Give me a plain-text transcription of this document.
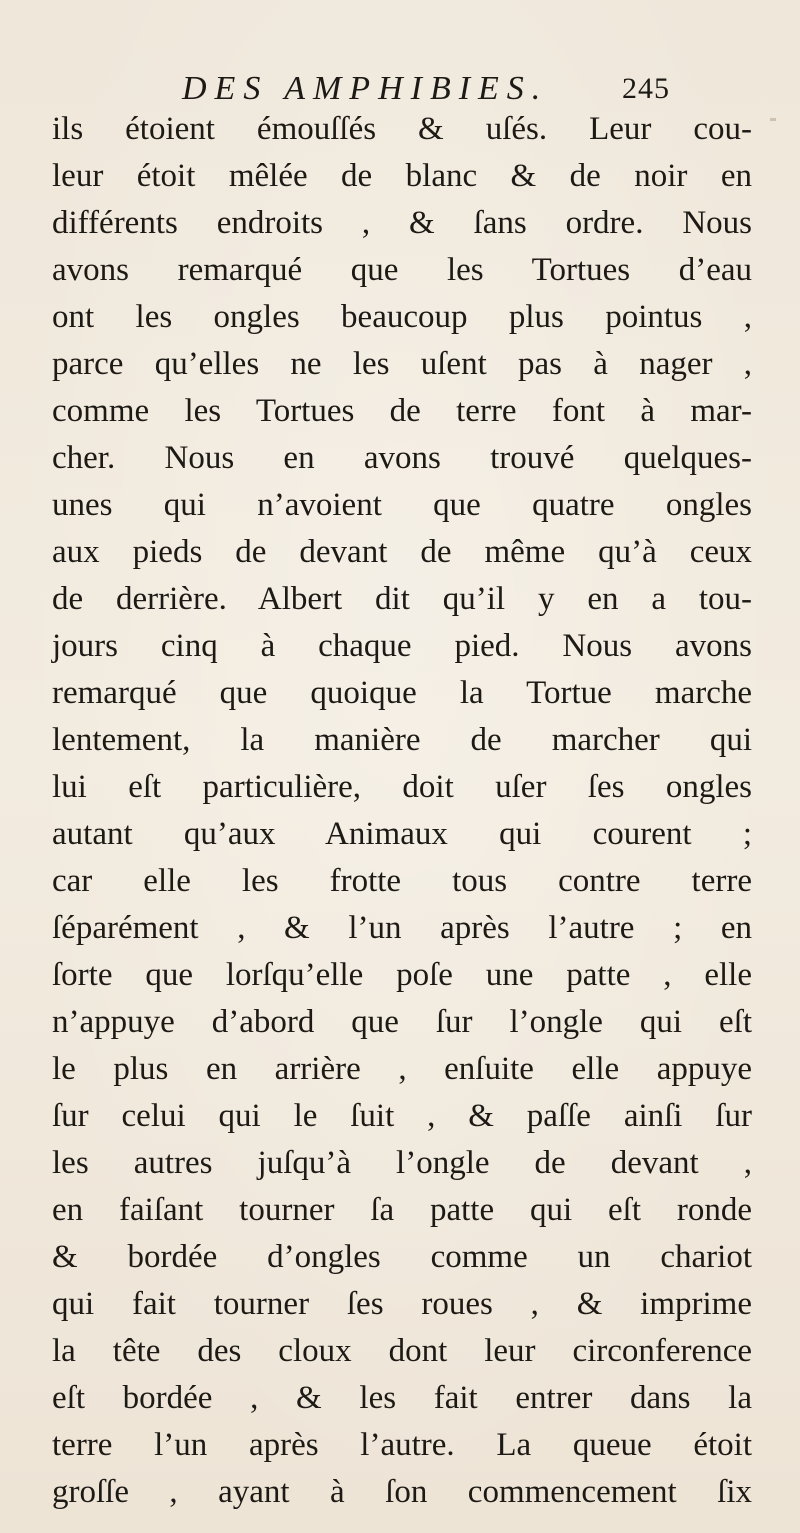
DES AMPHIBIES. 245
ils étoient émouſſés & uſés. Leur cou-
leur étoit mêlée de blanc & de noir en
différents endroits , & ſans ordre. Nous
avons remarqué que les Tortues d’eau
ont les ongles beaucoup plus pointus ,
parce qu’elles ne les uſent pas à nager ,
comme les Tortues de terre font à mar-
cher. Nous en avons trouvé quelques-
unes qui n’avoient que quatre ongles
aux pieds de devant de même qu’à ceux
de derrière. Albert dit qu’il y en a tou-
jours cinq à chaque pied. Nous avons
remarqué que quoique la Tortue marche
lentement, la manière de marcher qui
lui eſt particulière, doit uſer ſes ongles
autant qu’aux Animaux qui courent ;
car elle les frotte tous contre terre
ſéparément , & l’un après l’autre ; en
ſorte que lorſqu’elle poſe une patte , elle
n’appuye d’abord que ſur l’ongle qui eſt
le plus en arrière , enſuite elle appuye
ſur celui qui le ſuit , & paſſe ainſi ſur
les autres juſqu’à l’ongle de devant ,
en faiſant tourner ſa patte qui eſt ronde
& bordée d’ongles comme un chariot
qui fait tourner ſes roues , & imprime
la tête des cloux dont leur circonference
eſt bordée , & les fait entrer dans la
terre l’un après l’autre. La queue étoit
groſſe , ayant à ſon commencement ſix
